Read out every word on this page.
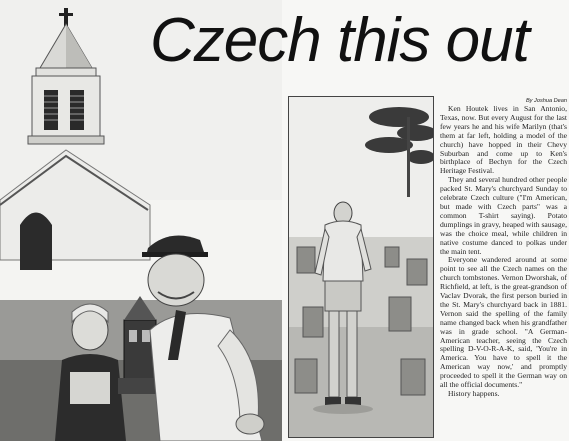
Czech this out
By Joshua Dean

Ken Houtek lives in San Antonio, Texas, now. But every August for the last few years he and his wife Marilyn (that's them at far left, holding a model of the church) have hopped in their Chevy Suburban and come up to Ken's birthplace of Bechyn for the Czech Heritage Festival.

They and several hundred other people packed St. Mary's churchyard Sunday to celebrate Czech culture ("I'm American, but made with Czech parts" was a common T-shirt saying). Potato dumplings in gravy, heaped with sausage, was the choice meal, while children in native costume danced to polkas under the main tent.

Everyone wandered around at some point to see all the Czech names on the church tombstones. Vernon Dworshak, of Richfield, at left, is the great-grandson of Vaclav Dvorak, the first person buried in the St. Mary's churchyard back in 1881. Vernon said the spelling of the family name changed back when his grandfather was in grade school. "A German-American teacher, seeing the Czech spelling D-V-O-R-A-K, said, 'You're in America. You have to spell it the American way now,' and promptly proceeded to spell it the German way on all the official documents."

History happens.
